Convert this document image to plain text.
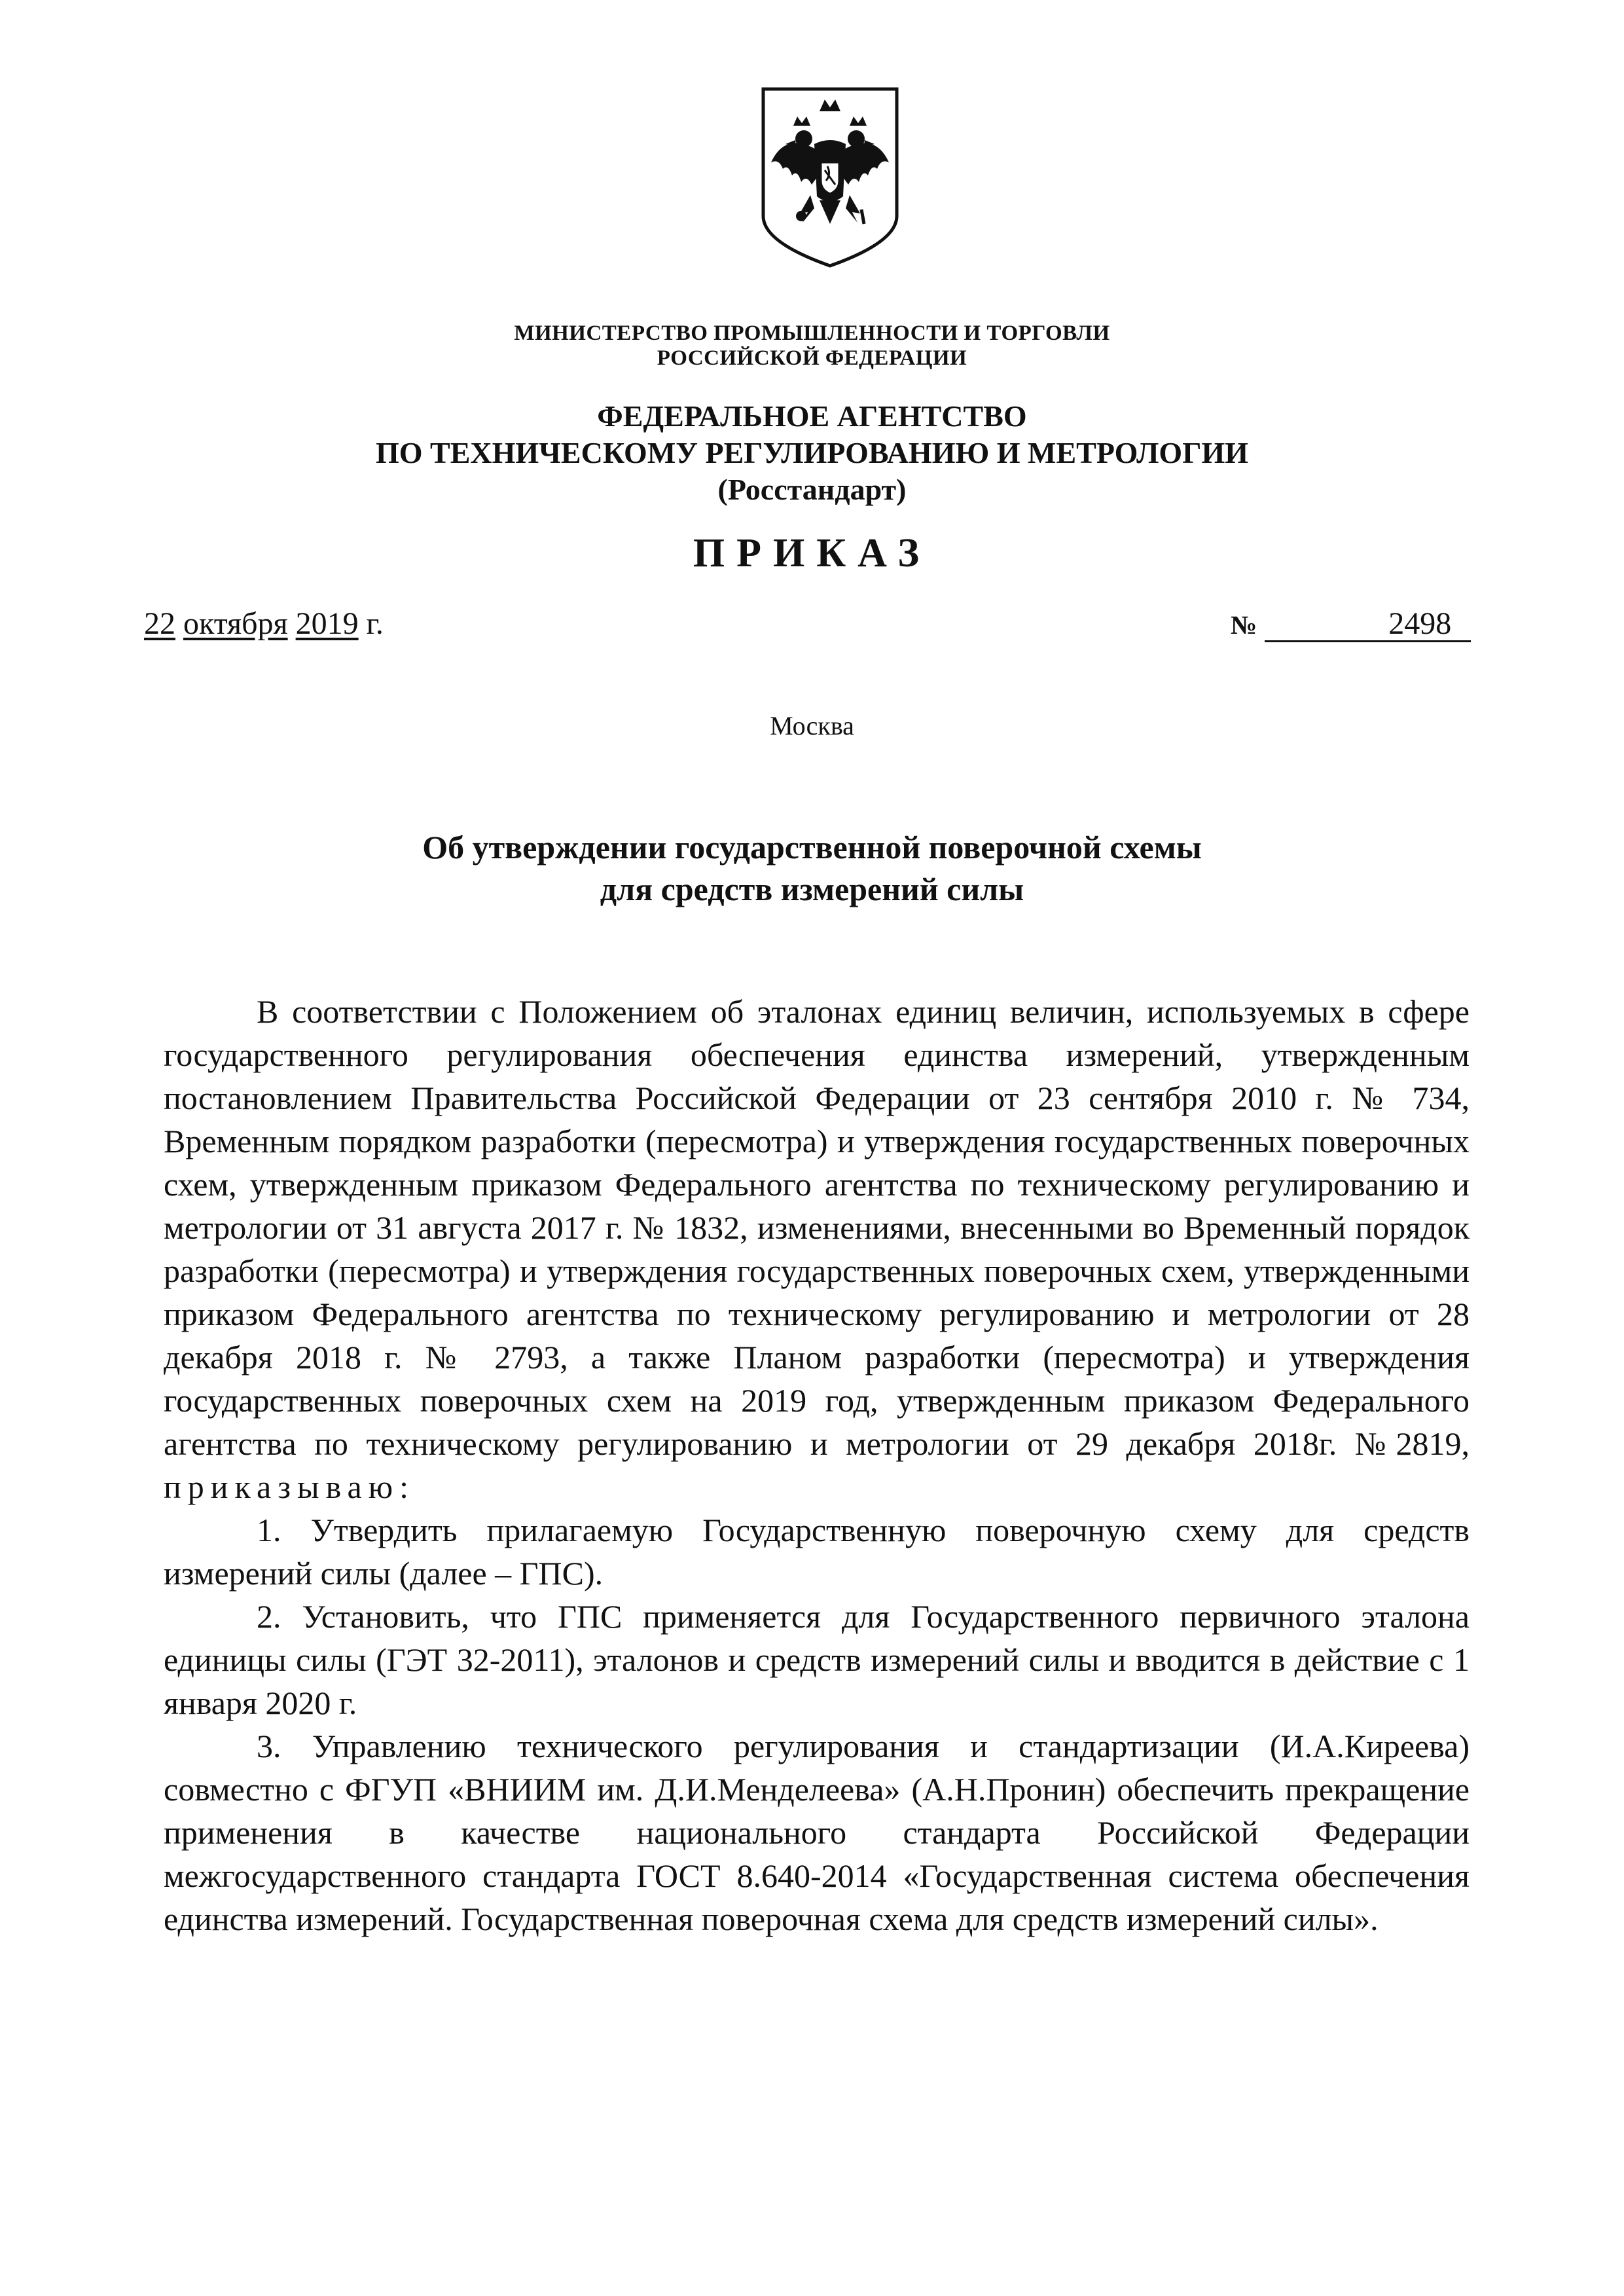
МИНИСТЕРСТВО ПРОМЫШЛЕННОСТИ И ТОРГОВЛИ
РОССИЙСКОЙ ФЕДЕРАЦИИ
ФЕДЕРАЛЬНОЕ АГЕНТСТВО
ПО ТЕХНИЧЕСКОМУ РЕГУЛИРОВАНИЮ И МЕТРОЛОГИИ
(Росстандарт)
ПРИКАЗ
22 октября 2019 г.	№	2498
Москва
Об утверждении государственной поверочной схемы
для средств измерений силы

В соответствии с Положением об эталонах единиц величин, используемых в сфере государственного регулирования обеспечения единства измерений, утвержденным постановлением Правительства Российской Федерации от 23 сентября 2010 г. № 734, Временным порядком разработки (пересмотра) и утверждения государственных поверочных схем, утвержденным приказом Федерального агентства по техническому регулированию и метрологии от 31 августа 2017 г. № 1832, изменениями, внесенными во Временный порядок разработки (пересмотра) и утверждения государственных поверочных схем, утвержденными приказом Федерального агентства по техническому регулированию и метрологии от 28 декабря 2018 г. № 2793, а также Планом разработки (пересмотра) и утверждения государственных поверочных схем на 2019 год, утвержденным приказом Федерального агентства по техническому регулированию и метрологии от 29 декабря 2018г. №2819, приказываю:

1. Утвердить прилагаемую Государственную поверочную схему для средств измерений силы (далее – ГПС).

2. Установить, что ГПС применяется для Государственного первичного эталона единицы силы (ГЭТ 32-2011), эталонов и средств измерений силы и вводится в действие с 1 января 2020 г.

3. Управлению технического регулирования и стандартизации (И.А.Киреева) совместно с ФГУП «ВНИИМ им. Д.И.Менделеева» (А.Н.Пронин) обеспечить прекращение применения в качестве национального стандарта Российской Федерации межгосударственного стандарта ГОСТ 8.640-2014 «Государственная система обеспечения единства измерений. Государственная поверочная схема для средств измерений силы».
